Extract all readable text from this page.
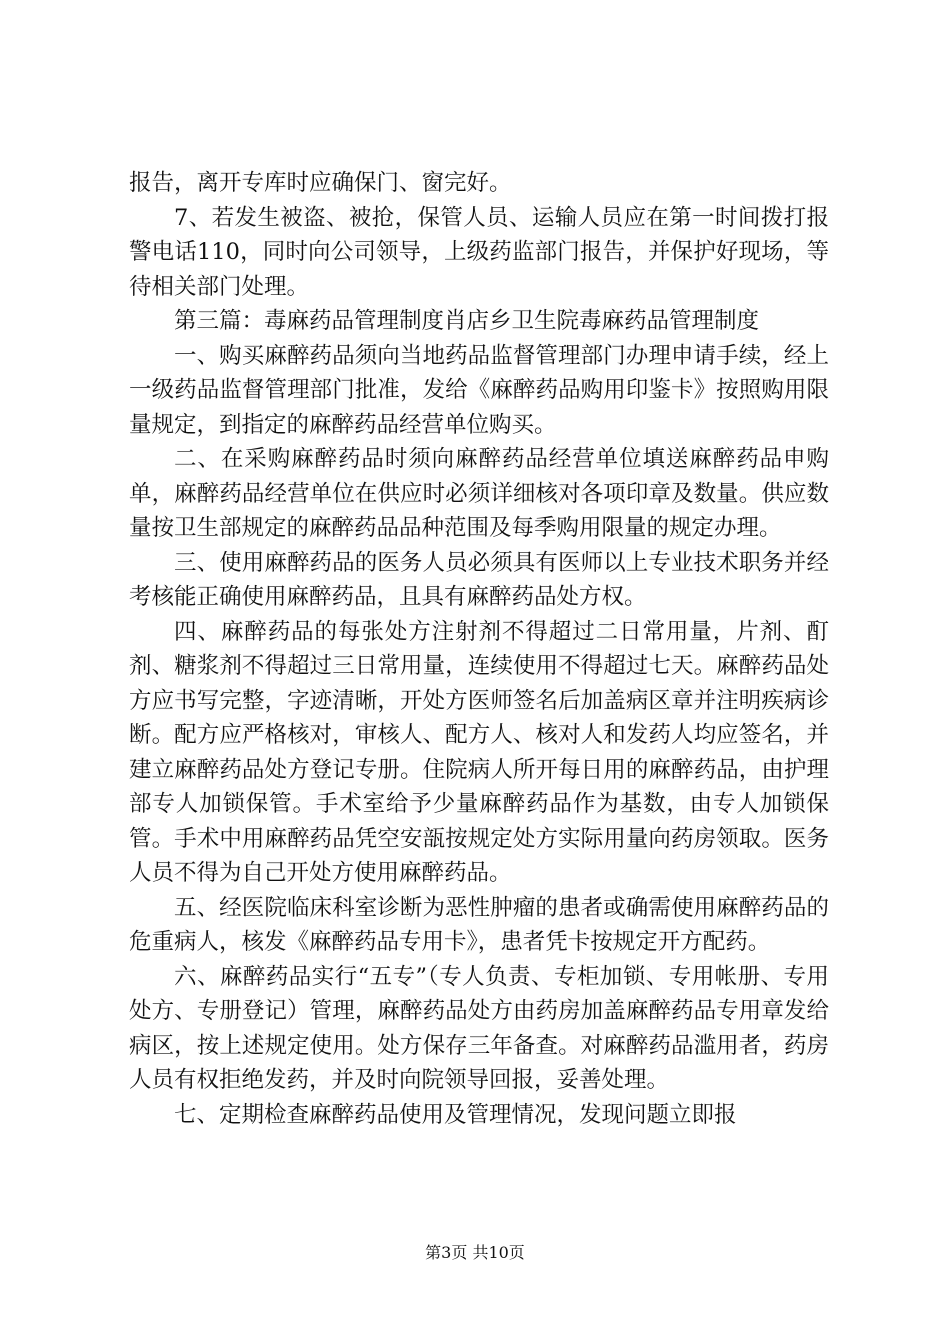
报告，离开专库时应确保门、窗完好。

7、若发生被盗、被抢，保管人员、运输人员应在第一时间拨打报警电话110，同时向公司领导，上级药监部门报告，并保护好现场，等待相关部门处理。

第三篇：毒麻药品管理制度肖店乡卫生院毒麻药品管理制度

一、购买麻醉药品须向当地药品监督管理部门办理申请手续，经上一级药品监督管理部门批准，发给《麻醉药品购用印鉴卡》按照购用限量规定，到指定的麻醉药品经营单位购买。

二、在采购麻醉药品时须向麻醉药品经营单位填送麻醉药品申购单，麻醉药品经营单位在供应时必须详细核对各项印章及数量。供应数量按卫生部规定的麻醉药品品种范围及每季购用限量的规定办理。

三、使用麻醉药品的医务人员必须具有医师以上专业技术职务并经考核能正确使用麻醉药品，且具有麻醉药品处方权。

四、麻醉药品的每张处方注射剂不得超过二日常用量，片剂、酊剂、糖浆剂不得超过三日常用量，连续使用不得超过七天。麻醉药品处方应书写完整，字迹清晰，开处方医师签名后加盖病区章并注明疾病诊断。配方应严格核对，审核人、配方人、核对人和发药人均应签名，并建立麻醉药品处方登记专册。住院病人所开每日用的麻醉药品，由护理部专人加锁保管。手术室给予少量麻醉药品作为基数，由专人加锁保管。手术中用麻醉药品凭空安瓿按规定处方实际用量向药房领取。医务人员不得为自己开处方使用麻醉药品。

五、经医院临床科室诊断为恶性肿瘤的患者或确需使用麻醉药品的危重病人，核发《麻醉药品专用卡》，患者凭卡按规定开方配药。

六、麻醉药品实行“五专”（专人负责、专柜加锁、专用帐册、专用处方、专册登记）管理，麻醉药品处方由药房加盖麻醉药品专用章发给病区，按上述规定使用。处方保存三年备查。对麻醉药品滥用者，药房人员有权拒绝发药，并及时向院领导回报，妥善处理。

七、定期检查麻醉药品使用及管理情况，发现问题立即报

第3页 共10页
